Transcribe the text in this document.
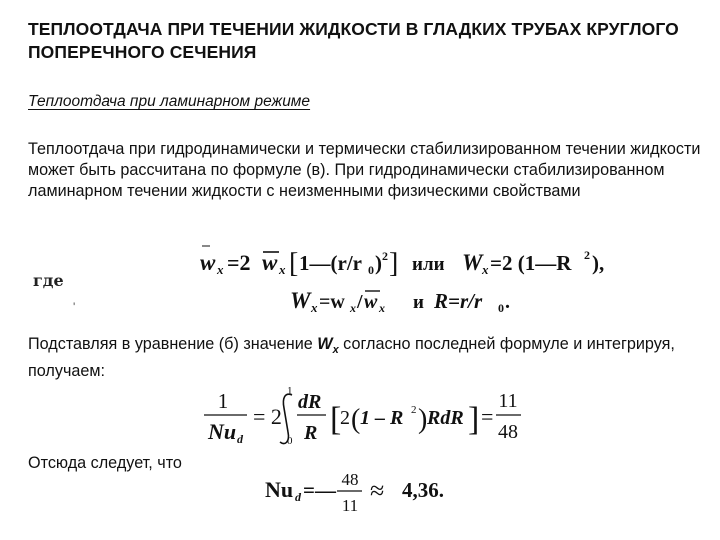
ТЕПЛООТДАЧА ПРИ ТЕЧЕНИИ ЖИДКОСТИ В ГЛАДКИХ ТРУБАХ КРУГЛОГО ПОПЕРЕЧНОГО СЕЧЕНИЯ
Теплоотдача при ламинарном режиме
Теплоотдача при гидродинамически и термически стабилизированном течении жидкости может быть рассчитана по формуле (в). При гидродинамически стабилизированном ламинарном течении жидкости с неизменными физическими свойствами
где
'
Подставляя в уравнение (б) значение $W_x$ согласно последней формуле и интегрируя, получаем:
Отсюда следует, что
w x =2 w x [ 1—(r/r 0 ) 2 ] или W x =2 (1—R 2 ),
W x =w x / w x и R=r/r 0 .
1
Nu d
= 2
1
0
dR
R [
2 ( 1 – R 2 ) RdR ] =
11
48
Nu d =— 48
11
≈ 4,36.
